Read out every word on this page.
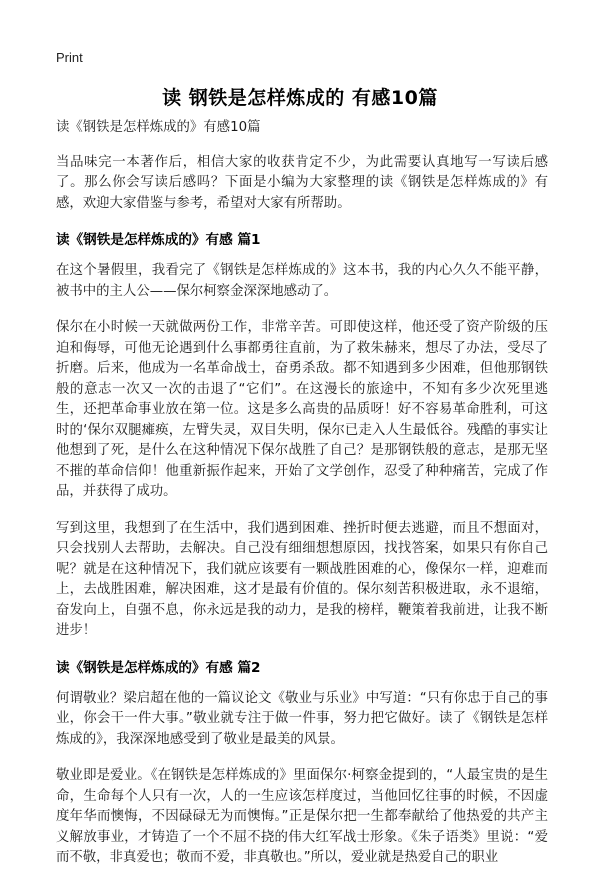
Print
读 钢铁是怎样炼成的 有感10篇

读《钢铁是怎样炼成的》有感10篇

当品味完一本著作后，相信大家的收获肯定不少，为此需要认真地写一写读后感了。那么你会写读后感吗？下面是小编为大家整理的读《钢铁是怎样炼成的》有感，欢迎大家借鉴与参考，希望对大家有所帮助。

读《钢铁是怎样炼成的》有感 篇1

在这个暑假里，我看完了《钢铁是怎样炼成的》这本书，我的内心久久不能平静，被书中的主人公——保尔柯察金深深地感动了。

保尔在小时候一天就做两份工作，非常辛苦。可即使这样，他还受了资产阶级的压迫和侮辱，可他无论遇到什么事都勇往直前，为了救朱赫来，想尽了办法，受尽了折磨。后来，他成为一名革命战士，奋勇杀敌。都不知遇到多少困难，但他那钢铁般的意志一次又一次的击退了“它们”。在这漫长的旅途中，不知有多少次死里逃生，还把革命事业放在第一位。这是多么高贵的品质呀！好不容易革命胜利，可这时的‘保尔双腿瘫痪，左臂失灵，双目失明，保尔已走入人生最低谷。残酷的事实让他想到了死，是什么在这种情况下保尔战胜了自己？是那钢铁般的意志，是那无坚不摧的革命信仰！他重新振作起来，开始了文学创作，忍受了种种痛苦，完成了作品，并获得了成功。

写到这里，我想到了在生活中，我们遇到困难、挫折时便去逃避，而且不想面对，只会找别人去帮助，去解决。自己没有细细想想原因，找找答案，如果只有你自己呢？就是在这种情况下，我们就应该要有一颗战胜困难的心，像保尔一样，迎难而上，去战胜困难，解决困难，这才是最有价值的。保尔刻苦积极进取，永不退缩，奋发向上，自强不息，你永远是我的动力，是我的榜样，鞭策着我前进，让我不断进步！

读《钢铁是怎样炼成的》有感 篇2

何谓敬业？梁启超在他的一篇议论文《敬业与乐业》中写道：“只有你忠于自己的事业，你会干一件大事。”敬业就专注于做一件事，努力把它做好。读了《钢铁是怎样炼成的》，我深深地感受到了敬业是最美的风景。

敬业即是爱业。《在钢铁是怎样炼成的》里面保尔·柯察金提到的，“人最宝贵的是生命，生命每个人只有一次，人的一生应该怎样度过，当他回忆往事的时候，不因虚度年华而懊悔，不因碌碌无为而懊悔。”正是保尔把一生都奉献给了他热爱的共产主义解放事业，才铸造了一个不屈不挠的伟大红军战士形象。《朱子语类》里说：“爱而不敬，非真爱也；敬而不爱，非真敬也。”所以，爱业就是热爱自己的职业
